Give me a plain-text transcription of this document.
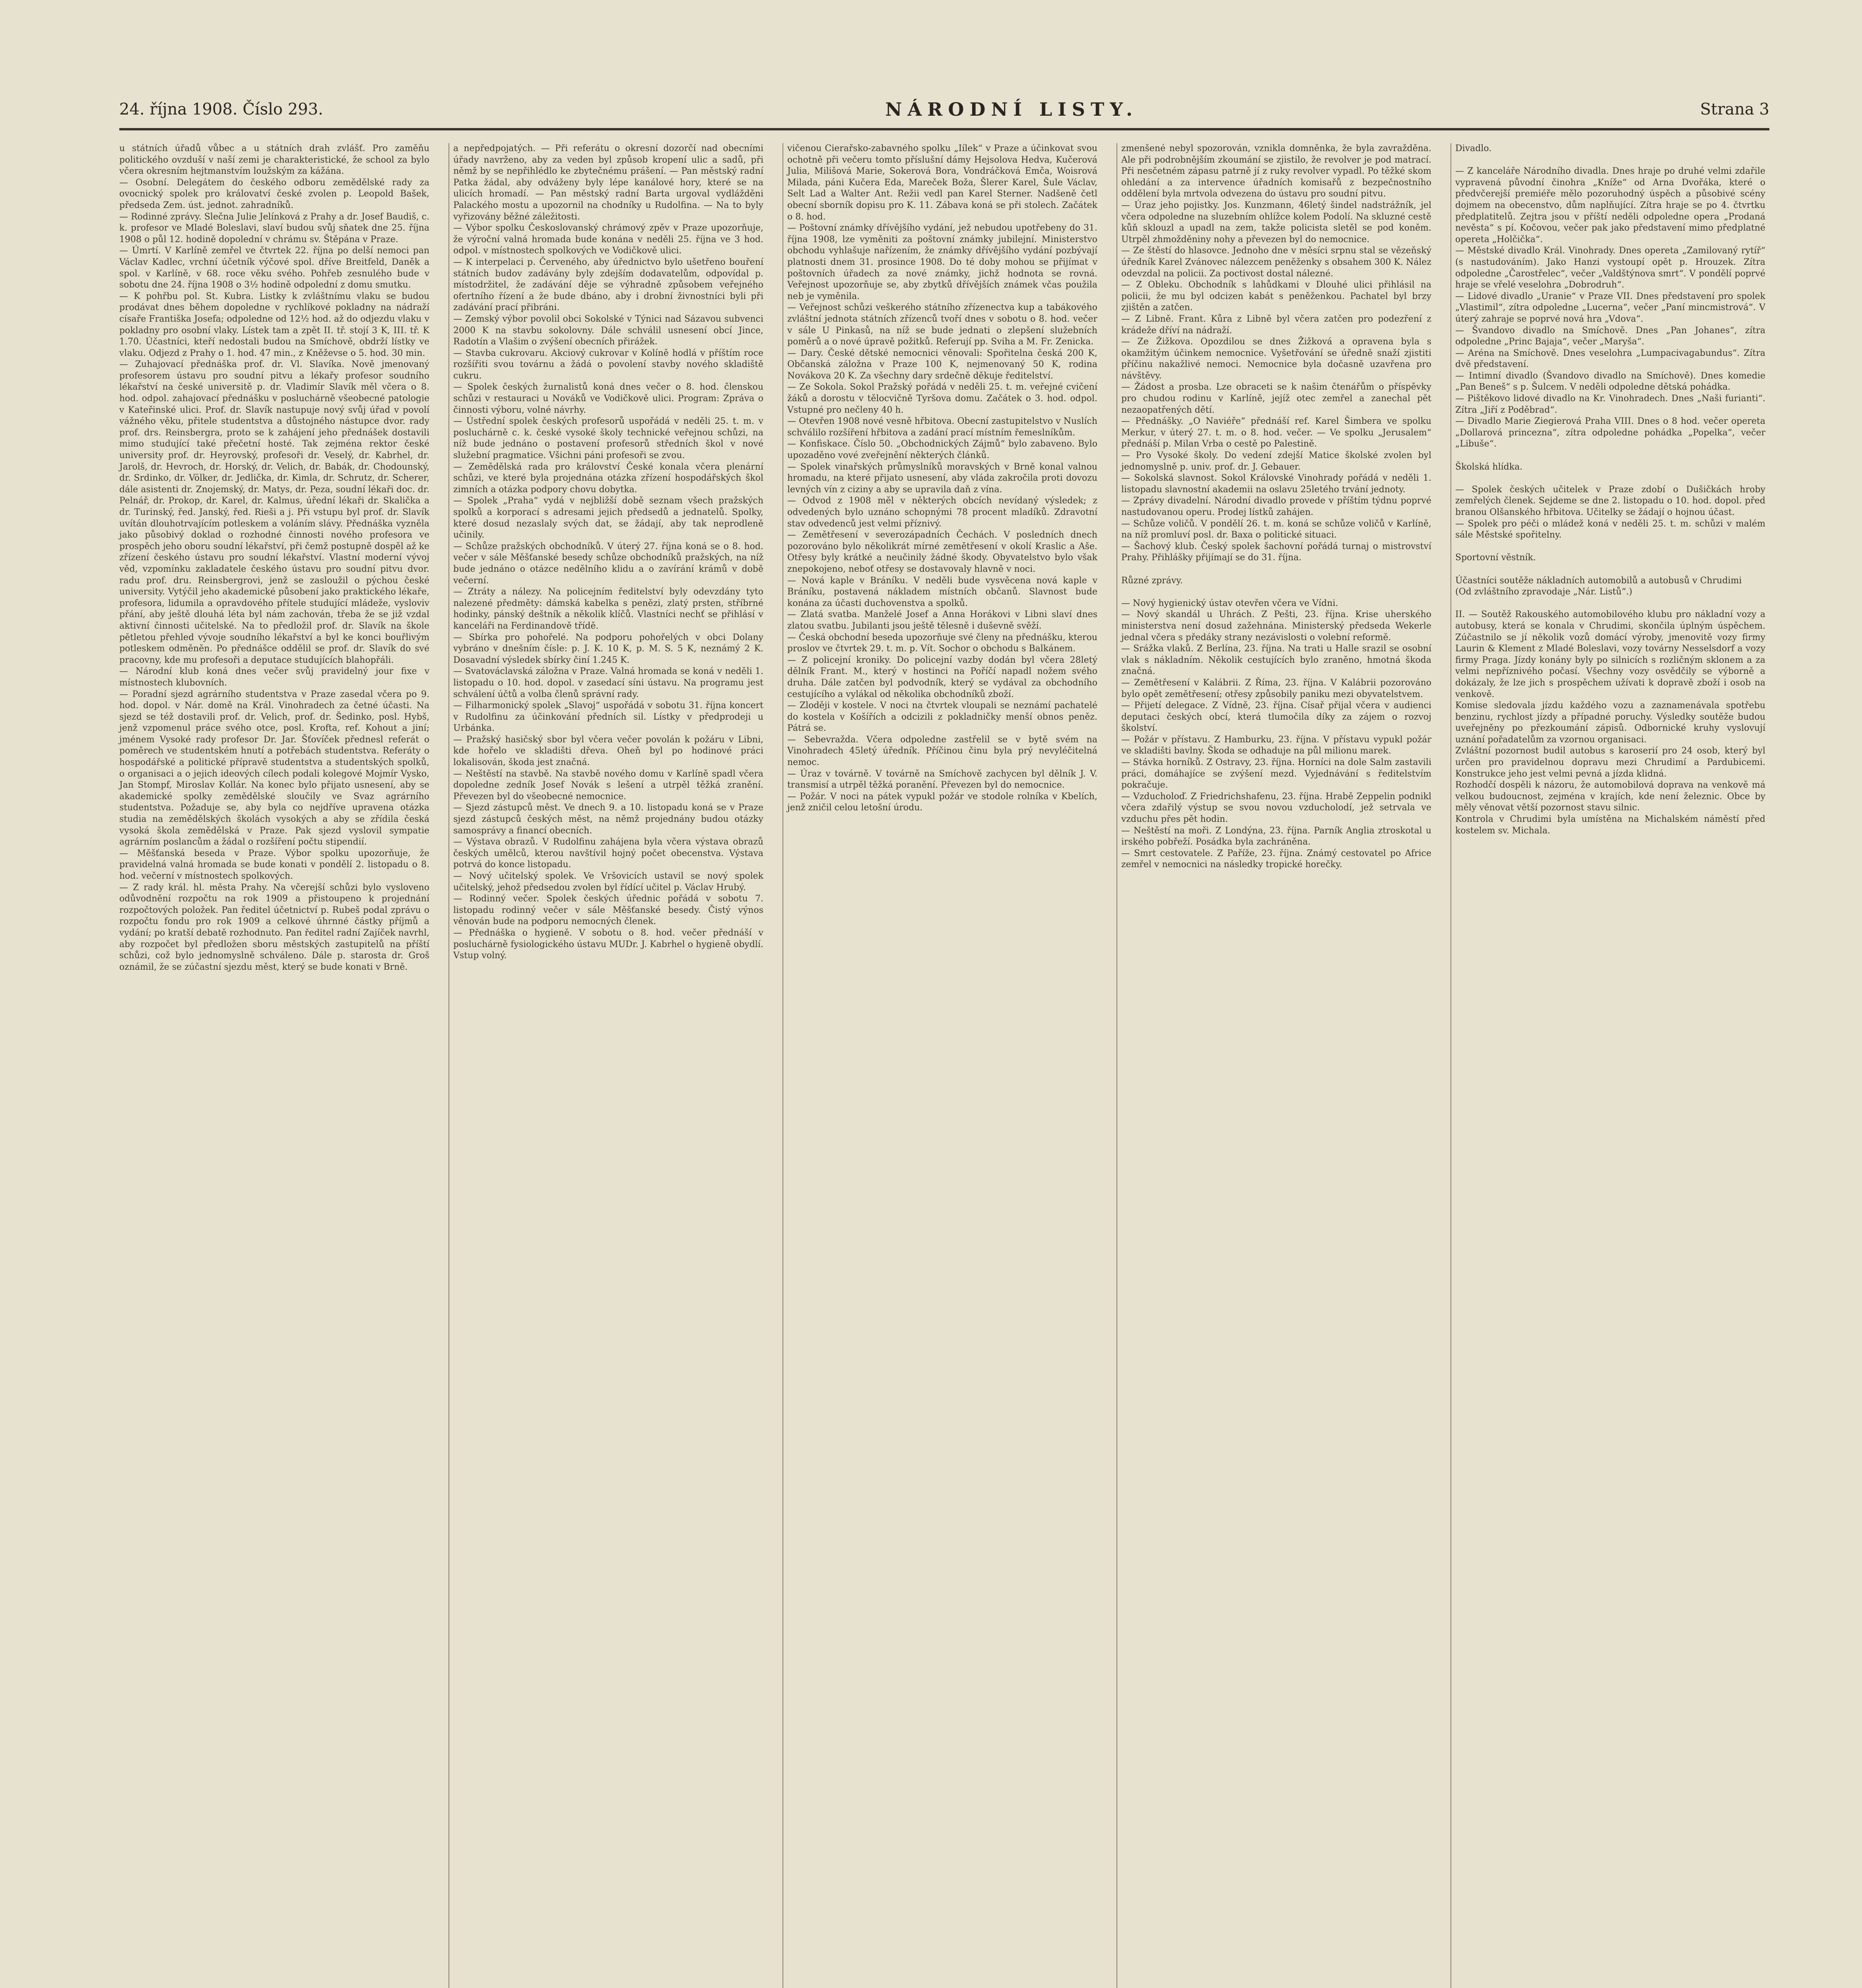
24. října 1908. Číslo 293.	NÁRODNÍ LISTY.	Strana 3
u státních úřadů vůbec a u státních drah zvlášť. Pro zaměňu politického ovzduší v naší zemi je charakteristické, že school za bylo včera okresním hejtmanstvím loužským za kážána.
— Osobní. Delegátem do českého odboru zemědělské rady za ovocnický spolek pro královatví české zvolen p. Leopold Bašek, předseda Zem. úst. jednot. zahradníků.
— Rodinné zprávy. Slečna Julie Jelínková z Prahy a dr. Josef Baudiš, c. k. profesor ve Mladé Boleslavi, slaví budou svůj sňatek dne 25. října 1908 o půl 12. hodině dopolední v chrámu sv. Štěpána v Praze.
— Úmrtí. V Karlíně zemřel ve čtvrtek 22. října po delší nemoci pan Václav Kadlec, vrchní účetník výčové spol. dříve Breitfeld, Daněk a spol. v Karlíně, v 68. roce věku svého. Pohřeb zesnulého bude v sobotu dne 24. října 1908 o 3½ hodině odpolední z domu smutku.
— K pohřbu pol. St. Kubra. Listky k zvláštnímu vlaku se budou prodávat dnes během dopoledne v rychlíkové pokladny na nádraží císaře Františka Josefa; odpoledne od 12½ hod. až do odjezdu vlaku v pokladny pro osobní vlaky. Lístek tam a zpět II. tř. stojí 3 K, III. tř. K 1.70. Účastníci, kteří nedostali budou na Smíchově, obdrží lístky ve vlaku. Odjezd z Prahy o 1. hod. 47 min., z Kněževse o 5. hod. 30 min.
— Zuhajovací přednáška prof. dr. Vl. Slavíka. Nově jmenovaný profesorem ústavu pro soudní pitvu a lékařy profesor soudního lékařství na české universitě p. dr. Vladimír Slavík měl včera o 8. hod. odpol. zahajovací přednášku v posluchárně všeobecné patologie v Kateřinské ulici. Prof. dr. Slavík nastupuje nový svůj úřad v povolí vážného věku, přitele studentstva a důstojného nástupce dvor. rady prof. drs. Reinsbergra, proto se k zahájení jeho přednášek dostavili mimo studující také přečetní hosté. Tak zejména rektor české university prof. dr. Heyrovský, profesoři dr. Veselý, dr. Kabrhel, dr. Jarolš, dr. Hevroch, dr. Horský, dr. Velich, dr. Babák, dr. Chodounský, dr. Srdinko, dr. Völker, dr. Jedlička, dr. Kimla, dr. Schrutz, dr. Scherer, dále asistenti dr. Znojemský, dr. Matys, dr. Peza, soudní lékaři doc. dr. Pelnář, dr. Prokop, dr. Karel, dr. Kalmus, úřední lékaři dr. Skalička a dr. Turinský, řed. Janský, řed. Rieši a j. Při vstupu byl prof. dr. Slavík uvítán dlouhotrvajícím potleskem a voláním slávy. Přednáška vyzněla jako působivý doklad o rozhodné činnosti nového profesora ve prospěch jeho oboru soudní lékařství, při čemž postupně dospěl až ke zřízení českého ústavu pro soudní lékařství. Vlastní moderní vývoj věd, vzpomínku zakladatele českého ústavu pro soudní pitvu dvor. radu prof. dru. Reinsbergrovi, jenž se zasloužil o pýchou české university. Vytýčil jeho akademické působení jako praktického lékaře, profesora, lidumila a opravdového přítele studující mládeže, vysloviv přání, aby ještě dlouhá léta byl nám zachován, třeba že se již vzdal aktivní činnosti učitelské. Na to předložil prof. dr. Slavík na škole pětletou přehled vývoje soudního lékařství a byl ke konci bouřlivým potleskem odměněn. Po přednášce oddělil se prof. dr. Slavík do své pracovny, kde mu profesoři a deputace studujících blahopřáli.
— Národní klub koná dnes večer svůj pravidelný jour fixe v místnostech klubovních.
— Poradní sjezd agrárního studentstva v Praze zasedal včera po 9. hod. dopol. v Nár. domě na Král. Vinohradech za četné účasti. Na sjezd se též dostavili prof. dr. Velich, prof. dr. Šedinko, posl. Hybš, jenž vzpomenul práce svého otce, posl. Krofta, ref. Kohout a jiní; jménem Vysoké rady profesor Dr. Jar. Šťovíček přednesl referát o poměrech ve studentském hnutí a potřebách studentstva. Referáty o hospodářské a politické přípravě studentstva a studentských spolků, o organisaci a o jejich ideových cílech podali kolegové Mojmír Vysko, Jan Stompf, Miroslav Kollár. Na konec bylo přijato usnesení, aby se akademické spolky zemědělské sloučily ve Svaz agrárního studentstva. Požaduje se, aby byla co nejdříve upravena otázka studia na zemědělských školách vysokých a aby se zřídila česká vysoká škola zemědělská v Praze. Pak sjezd vyslovil sympatie agrárním poslancům a žádal o rozšíření počtu stipendií.
— Měšťanská beseda v Praze. Výbor spolku upozorňuje, že pravidelná valná hromada se bude konati v pondělí 2. listopadu o 8. hod. večerní v místnostech spolkových.
— Z rady král. hl. města Prahy. Na včerejší schůzi bylo vysloveno odůvodnění rozpočtu na rok 1909 a přistoupeno k projednání rozpočtových položek. Pan ředitel účetnictví p. Rubeš podal zprávu o rozpočtu fondu pro rok 1909 a celkové úhrnné částky příjmů a vydání; po kratší debatě rozhodnuto. Pan ředitel radní Zajíček navrhl, aby rozpočet byl předložen sboru městských zastupitelů na příští schůzi, což bylo jednomyslně schváleno. Dále p. starosta dr. Groš oznámil, že se zúčastní sjezdu měst, který se bude konati v Brně.
a nepředpojatých. — Při referátu o okresní dozorčí nad obecními úřady navrženo, aby za veden byl způsob kropení ulic a sadů, při němž by se nepřihlédlo ke zbytečnému prášení. — Pan městský radní Patka žádal, aby odváženy byly lépe kanálové hory, které se na ulicích hromadí. — Pan městský radní Barta urgoval vydlážděni Palackého mostu a upozornil na chodníky u Rudolfina. — Na to byly vyřizovány běžné záležitosti.
— Výbor spolku Českoslovanský chrámový zpěv v Praze upozorňuje, že výroční valná hromada bude konána v neděli 25. října ve 3 hod. odpol. v místnostech spolkových ve Vodičkově ulici.
— K interpelaci p. Červeného, aby úřednictvo bylo ušetřeno bouření státních budov zadávány byly zdejším dodavatelům, odpovídal p. místodržitel, že zadávání děje se výhradně způsobem veřejného ofertního řízení a že bude dbáno, aby i drobní živnostníci byli při zadávání prací přibráni.
— Zemský výbor povolil obci Sokolské v Týnici nad Sázavou subvenci 2000 K na stavbu sokolovny. Dále schválil usnesení obcí Jince, Radotín a Vlašim o zvýšení obecních přirážek.
— Stavba cukrovaru. Akciový cukrovar v Kolíně hodlá v příštím roce rozšířiti svou továrnu a žádá o povolení stavby nového skladiště cukru.
— Spolek českých žurnalistů koná dnes večer o 8. hod. členskou schůzi v restauraci u Nováků ve Vodičkově ulici. Program: Zpráva o činnosti výboru, volné návrhy.
— Ústřední spolek českých profesorů uspořádá v neděli 25. t. m. v posluchárně c. k. české vysoké školy technické veřejnou schůzi, na níž bude jednáno o postavení profesorů středních škol v nové služební pragmatice. Všichni páni profesoři se zvou.
— Zemědělská rada pro království České konala včera plenární schůzi, ve které byla projednána otázka zřízení hospodářských škol zimních a otázka podpory chovu dobytka.
— Spolek „Praha“ vydá v nejbližší době seznam všech pražských spolků a korporací s adresami jejich předsedů a jednatelů. Spolky, které dosud nezaslaly svých dat, se žádají, aby tak neprodleně učinily.
— Schůze pražských obchodníků. V úterý 27. října koná se o 8. hod. večer v sále Měšťanské besedy schůze obchodníků pražských, na níž bude jednáno o otázce nedělního klidu a o zavírání krámů v době večerní.
— Ztráty a nálezy. Na policejním ředitelství byly odevzdány tyto nalezené předměty: dámská kabelka s penězi, zlatý prsten, stříbrné hodinky, pánský deštník a několik klíčů. Vlastníci nechť se přihlásí v kanceláři na Ferdinandově třídě.
— Sbírka pro pohořelé. Na podporu pohořelých v obci Dolany vybráno v dnešním čísle: p. J. K. 10 K, p. M. S. 5 K, neznámý 2 K. Dosavadní výsledek sbírky činí 1.245 K.
— Svatováclavská záložna v Praze. Valná hromada se koná v neděli 1. listopadu o 10. hod. dopol. v zasedací síni ústavu. Na programu jest schválení účtů a volba členů správní rady.
— Filharmonický spolek „Slavoj“ uspořádá v sobotu 31. října koncert v Rudolfinu za účinkování předních sil. Lístky v předprodeji u Urbánka.
— Pražský hasičský sbor byl včera večer povolán k požáru v Libni, kde hořelo ve skladišti dřeva. Oheň byl po hodinové práci lokalisován, škoda jest značná.
— Neštěstí na stavbě. Na stavbě nového domu v Karlíně spadl včera dopoledne zedník Josef Novák s lešení a utrpěl těžká zranění. Převezen byl do všeobecné nemocnice.
— Sjezd zástupců měst. Ve dnech 9. a 10. listopadu koná se v Praze sjezd zástupců českých měst, na němž projednány budou otázky samosprávy a financí obecních.
— Výstava obrazů. V Rudolfinu zahájena byla včera výstava obrazů českých umělců, kterou navštívil hojný počet obecenstva. Výstava potrvá do konce listopadu.
— Nový učitelský spolek. Ve Vršovicích ustavil se nový spolek učitelský, jehož předsedou zvolen byl řídící učitel p. Václav Hrubý.
— Rodinný večer. Spolek českých úřednic pořádá v sobotu 7. listopadu rodinný večer v sále Měšťanské besedy. Čistý výnos věnován bude na podporu nemocných členek.
— Přednáška o hygieně. V sobotu o 8. hod. večer přednáší v posluchárně fysiologického ústavu MUDr. J. Kabrhel o hygieně obydlí. Vstup volný.
vičenou Cierařsko-zabavného spolku „Iílek“ v Praze a účinkovat svou ochotně při večeru tomto příslušní dámy Hejsolova Hedva, Kučerová Julia, Milišová Marie, Sokerová Bora, Vondráčková Emča, Woisrová Milada, páni Kučera Eda, Mareček Boža, Šlerer Karel, Šule Václav, Selt Lad a Walter Ant. Režii vedl pan Karel Sterner. Nadšeně četl obecní sborník dopisu pro K. 11. Zábava koná se při stolech. Začátek o 8. hod.
— Poštovní známky dřívějšího vydání, jež nebudou upotřebeny do 31. října 1908, lze vyměniti za poštovní známky jubilejní. Ministerstvo obchodu vyhlašuje nařízením, že známky dřívějšího vydání pozbývají platnosti dnem 31. prosince 1908. Do té doby mohou se přijímat v poštovních úřadech za nové známky, jichž hodnota se rovná. Veřejnost upozorňuje se, aby zbytků dřívějších známek včas použila neb je vyměnila.
— Veřejnost schůzi veškerého státního zřízenectva kup a tabákového zvláštní jednota státních zřízenců tvoří dnes v sobotu o 8. hod. večer v sále U Pinkasů, na níž se bude jednati o zlepšení služebních poměrů a o nové úpravě požitků. Referují pp. Sviha a M. Fr. Zenicka.
— Dary. České dětské nemocnici věnovali: Spořitelna česká 200 K, Občanská záložna v Praze 100 K, nejmenovaný 50 K, rodina Novákova 20 K. Za všechny dary srdečně děkuje ředitelství.
— Ze Sokola. Sokol Pražský pořádá v neděli 25. t. m. veřejné cvičení žáků a dorostu v tělocvičně Tyršova domu. Začátek o 3. hod. odpol. Vstupné pro nečleny 40 h.
— Otevřen 1908 nové vesně hřbitova. Obecní zastupitelstvo v Nuslích schválilo rozšíření hřbitova a zadání prací místním řemeslníkům.
— Konfiskace. Číslo 50. „Obchodnických Zájmů“ bylo zabaveno. Bylo upozaděno vové zveřejnění některých článků.
— Spolek vinařských průmyslníků moravských v Brně konal valnou hromadu, na které přijato usnesení, aby vláda zakročila proti dovozu levných vín z ciziny a aby se upravila daň z vína.
— Odvod z 1908 měl v některých obcích nevídaný výsledek; z odvedených bylo uznáno schopnými 78 procent mladíků. Zdravotní stav odvedenců jest velmi příznivý.
— Zemětřesení v severozápadních Čechách. V posledních dnech pozorováno bylo několikrát mírné zemětřesení v okolí Kraslic a Aše. Otřesy byly krátké a neučinily žádné škody. Obyvatelstvo bylo však znepokojeno, neboť otřesy se dostavovaly hlavně v noci.
— Nová kaple v Bráníku. V neděli bude vysvěcena nová kaple v Bráníku, postavená nákladem místních občanů. Slavnost bude konána za účasti duchovenstva a spolků.
— Zlatá svatba. Manželé Josef a Anna Horákovi v Libni slaví dnes zlatou svatbu. Jubilanti jsou ještě tělesně i duševně svěží.
— Česká obchodní beseda upozorňuje své členy na přednášku, kterou proslov ve čtvrtek 29. t. m. p. Vít. Sochor o obchodu s Balkánem.
— Z policejní kroniky. Do policejní vazby dodán byl včera 28letý dělník Frant. M., který v hostinci na Poříčí napadl nožem svého druha. Dále zatčen byl podvodník, který se vydával za obchodního cestujícího a vylákal od několika obchodníků zboží.
— Zloději v kostele. V noci na čtvrtek vloupali se neznámí pachatelé do kostela v Košířích a odcizili z pokladničky menší obnos peněz. Pátrá se.
— Sebevražda. Včera odpoledne zastřelil se v bytě svém na Vinohradech 45letý úředník. Příčinou činu byla prý nevyléčitelná nemoc.
— Úraz v továrně. V továrně na Smíchově zachycen byl dělník J. V. transmisí a utrpěl těžká poranění. Převezen byl do nemocnice.
— Požár. V noci na pátek vypukl požár ve stodole rolníka v Kbelích, jenž zničil celou letošní úrodu.
zmenšené nebyl spozorován, vznikla domněnka, že byla zavražděna. Ale při podrobnějším zkoumání se zjistilo, že revolver je pod matrací. Při nesčetném zápasu patrně jí z ruky revolver vypadl. Po těžké skom ohledání a za intervence úřadních komisařů z bezpečnostního oddělení byla mrtvola odvezena do ústavu pro soudní pitvu.
— Úraz jeho pojistky. Jos. Kunzmann, 46letý šindel nadstrážník, jel včera odpoledne na sluzebním ohlížce kolem Podolí. Na skluzné cestě kůň sklouzl a upadl na zem, takže policista sletěl se pod koněm. Utrpěl zhmožděniny nohy a převezen byl do nemocnice.
— Ze štěstí do hlasovce. Jednoho dne v měsíci srpnu stal se vězeňský úředník Karel Zvánovec nálezcem peněženky s obsahem 300 K. Nález odevzdal na policii. Za poctivost dostal nálezné.
— Z Obleku. Obchodník s lahůdkami v Dlouhé ulici přihlásil na policii, že mu byl odcizen kabát s peněženkou. Pachatel byl brzy zjištěn a zatčen.
— Z Libně. Frant. Kůra z Libně byl včera zatčen pro podezření z krádeže dříví na nádraží.
— Ze Žižkova. Opozdilou se dnes Žižková a opravena byla s okamžitým účinkem nemocnice. Vyšetřování se úředně snaží zjistiti příčinu nakažlivé nemoci. Nemocnice byla dočasně uzavřena pro návštěvy.
— Žádost a prosba. Lze obraceti se k našim čtenářům o příspěvky pro chudou rodinu v Karlíně, jejíž otec zemřel a zanechal pět nezaopatřených dětí.
— Přednášky. „O Naviéře“ přednáší ref. Karel Šimbera ve spolku Merkur, v úterý 27. t. m. o 8. hod. večer. — Ve spolku „Jerusalem“ přednáší p. Milan Vrba o cestě po Palestině.
— Pro Vysoké školy. Do vedení zdejší Matice školské zvolen byl jednomyslně p. univ. prof. dr. J. Gebauer.
— Sokolská slavnost. Sokol Královské Vinohrady pořádá v neděli 1. listopadu slavnostní akademii na oslavu 25letého trvání jednoty.
— Zprávy divadelní. Národní divadlo provede v příštím týdnu poprvé nastudovanou operu. Prodej lístků zahájen.
— Schůze voličů. V pondělí 26. t. m. koná se schůze voličů v Karlíně, na níž promluví posl. dr. Baxa o politické situaci.
— Šachový klub. Český spolek šachovní pořádá turnaj o mistrovství Prahy. Přihlášky přijímají se do 31. října.

Různé zprávy.

— Nový hygienický ústav otevřen včera ve Vídni.
— Nový skandál u Uhrách. Z Pešti, 23. října. Krise uherského ministerstva není dosud zažehnána. Ministerský předseda Wekerle jednal včera s předáky strany nezávislosti o volební reformě.
— Srážka vlaků. Z Berlína, 23. října. Na trati u Halle srazil se osobní vlak s nákladním. Několik cestujících bylo zraněno, hmotná škoda značná.
— Zemětřesení v Kalábrii. Z Říma, 23. října. V Kalábrii pozorováno bylo opět zemětřesení; otřesy způsobily paniku mezi obyvatelstvem.
— Přijetí delegace. Z Vídně, 23. října. Císař přijal včera v audienci deputaci českých obcí, která tlumočila díky za zájem o rozvoj školství.
— Požár v přístavu. Z Hamburku, 23. října. V přístavu vypukl požár ve skladišti bavlny. Škoda se odhaduje na půl milionu marek.
— Stávka horníků. Z Ostravy, 23. října. Horníci na dole Salm zastavili práci, domáhajíce se zvýšení mezd. Vyjednávání s ředitelstvím pokračuje.
— Vzducholoď. Z Friedrichshafenu, 23. října. Hrabě Zeppelin podnikl včera zdařilý výstup se svou novou vzducholodí, jež setrvala ve vzduchu přes pět hodin.
— Neštěstí na moři. Z Londýna, 23. října. Parník Anglia ztroskotal u irského pobřeží. Posádka byla zachráněna.
— Smrt cestovatele. Z Paříže, 23. října. Známý cestovatel po Africe zemřel v nemocnici na následky tropické horečky.
Divadlo.

— Z kanceláře Národního divadla. Dnes hraje po druhé velmi zdařile vypravená původní činohra „Kníže“ od Arna Dvořáka, které o předvčerejší premiéře mělo pozoruhodný úspěch a působivé scény dojmem na obecenstvo, dům naplňující. Zítra hraje se po 4. čtvrtku předplatitelů. Zejtra jsou v příští neděli odpoledne opera „Prodaná nevěsta“ s pí. Kočovou, večer pak jako představení mimo předplatné opereta „Holčička“.
— Městské divadlo Král. Vinohrady. Dnes opereta „Zamilovaný rytíř“ (s nastudováním). Jako Hanzi vystoupí opět p. Hrouzek. Zítra odpoledne „Čarostřelec“, večer „Valdštýnova smrt“. V pondělí poprvé hraje se vřelé veselohra „Dobrodruh“.
— Lidové divadlo „Uranie“ v Praze VII. Dnes představení pro spolek „Vlastimil“, zítra odpoledne „Lucerna“, večer „Paní mincmistrová“. V úterý zahraje se poprvé nová hra „Vdova“.
— Švandovo divadlo na Smíchově. Dnes „Pan Johanes“, zítra odpoledne „Princ Bajaja“, večer „Maryša“.
— Aréna na Smíchově. Dnes veselohra „Lumpacivagabundus“. Zítra dvě představení.
— Intimní divadlo (Švandovo divadlo na Smíchově). Dnes komedie „Pan Beneš“ s p. Šulcem. V neděli odpoledne dětská pohádka.
— Pištěkovo lidové divadlo na Kr. Vinohradech. Dnes „Naši furianti“. Zítra „Jiří z Poděbrad“.
— Divadlo Marie Ziegierová Praha VIII. Dnes o 8 hod. večer opereta „Dollarová princezna“, zítra odpoledne pohádka „Popelka“, večer „Libuše“.

Školská hlídka.

— Spolek českých učitelek v Praze zdobí o Dušičkách hroby zemřelých členek. Sejdeme se dne 2. listopadu o 10. hod. dopol. před branou Olšanského hřbitova. Učitelky se žádají o hojnou účast.
— Spolek pro péči o mládež koná v neděli 25. t. m. schůzi v malém sále Městské spořitelny.

Sportovní věstník.

Účastníci soutěže nákladních automobilů a autobusů v Chrudimi
(Od zvláštního zpravodaje „Nár. Listů“.)

II. — Soutěž Rakouského automobilového klubu pro nákladní vozy a autobusy, která se konala v Chrudimi, skončila úplným úspěchem. Zúčastnilo se jí několik vozů domácí výroby, jmenovitě vozy firmy Laurin & Klement z Mladé Boleslavi, vozy továrny Nesselsdorf a vozy firmy Praga. Jízdy konány byly po silnicích s rozličným sklonem a za velmi nepříznivého počasí. Všechny vozy osvědčily se výborně a dokázaly, že lze jich s prospěchem užívati k dopravě zboží i osob na venkově.
Komise sledovala jízdu každého vozu a zaznamenávala spotřebu benzinu, rychlost jízdy a případné poruchy. Výsledky soutěže budou uveřejněny po přezkoumání zápisů. Odbornické kruhy vyslovují uznání pořadatelům za vzornou organisaci.
Zvláštní pozornost budil autobus s karoserií pro 24 osob, který byl určen pro pravidelnou dopravu mezi Chrudimí a Pardubicemi. Konstrukce jeho jest velmi pevná a jízda klidná.
Rozhodčí dospěli k názoru, že automobilová doprava na venkově má velkou budoucnost, zejména v krajích, kde není železnic. Obce by měly věnovat větší pozornost stavu silnic.
Kontrola v Chrudimi byla umístěna na Michalském náměstí před kostelem sv. Michala.
